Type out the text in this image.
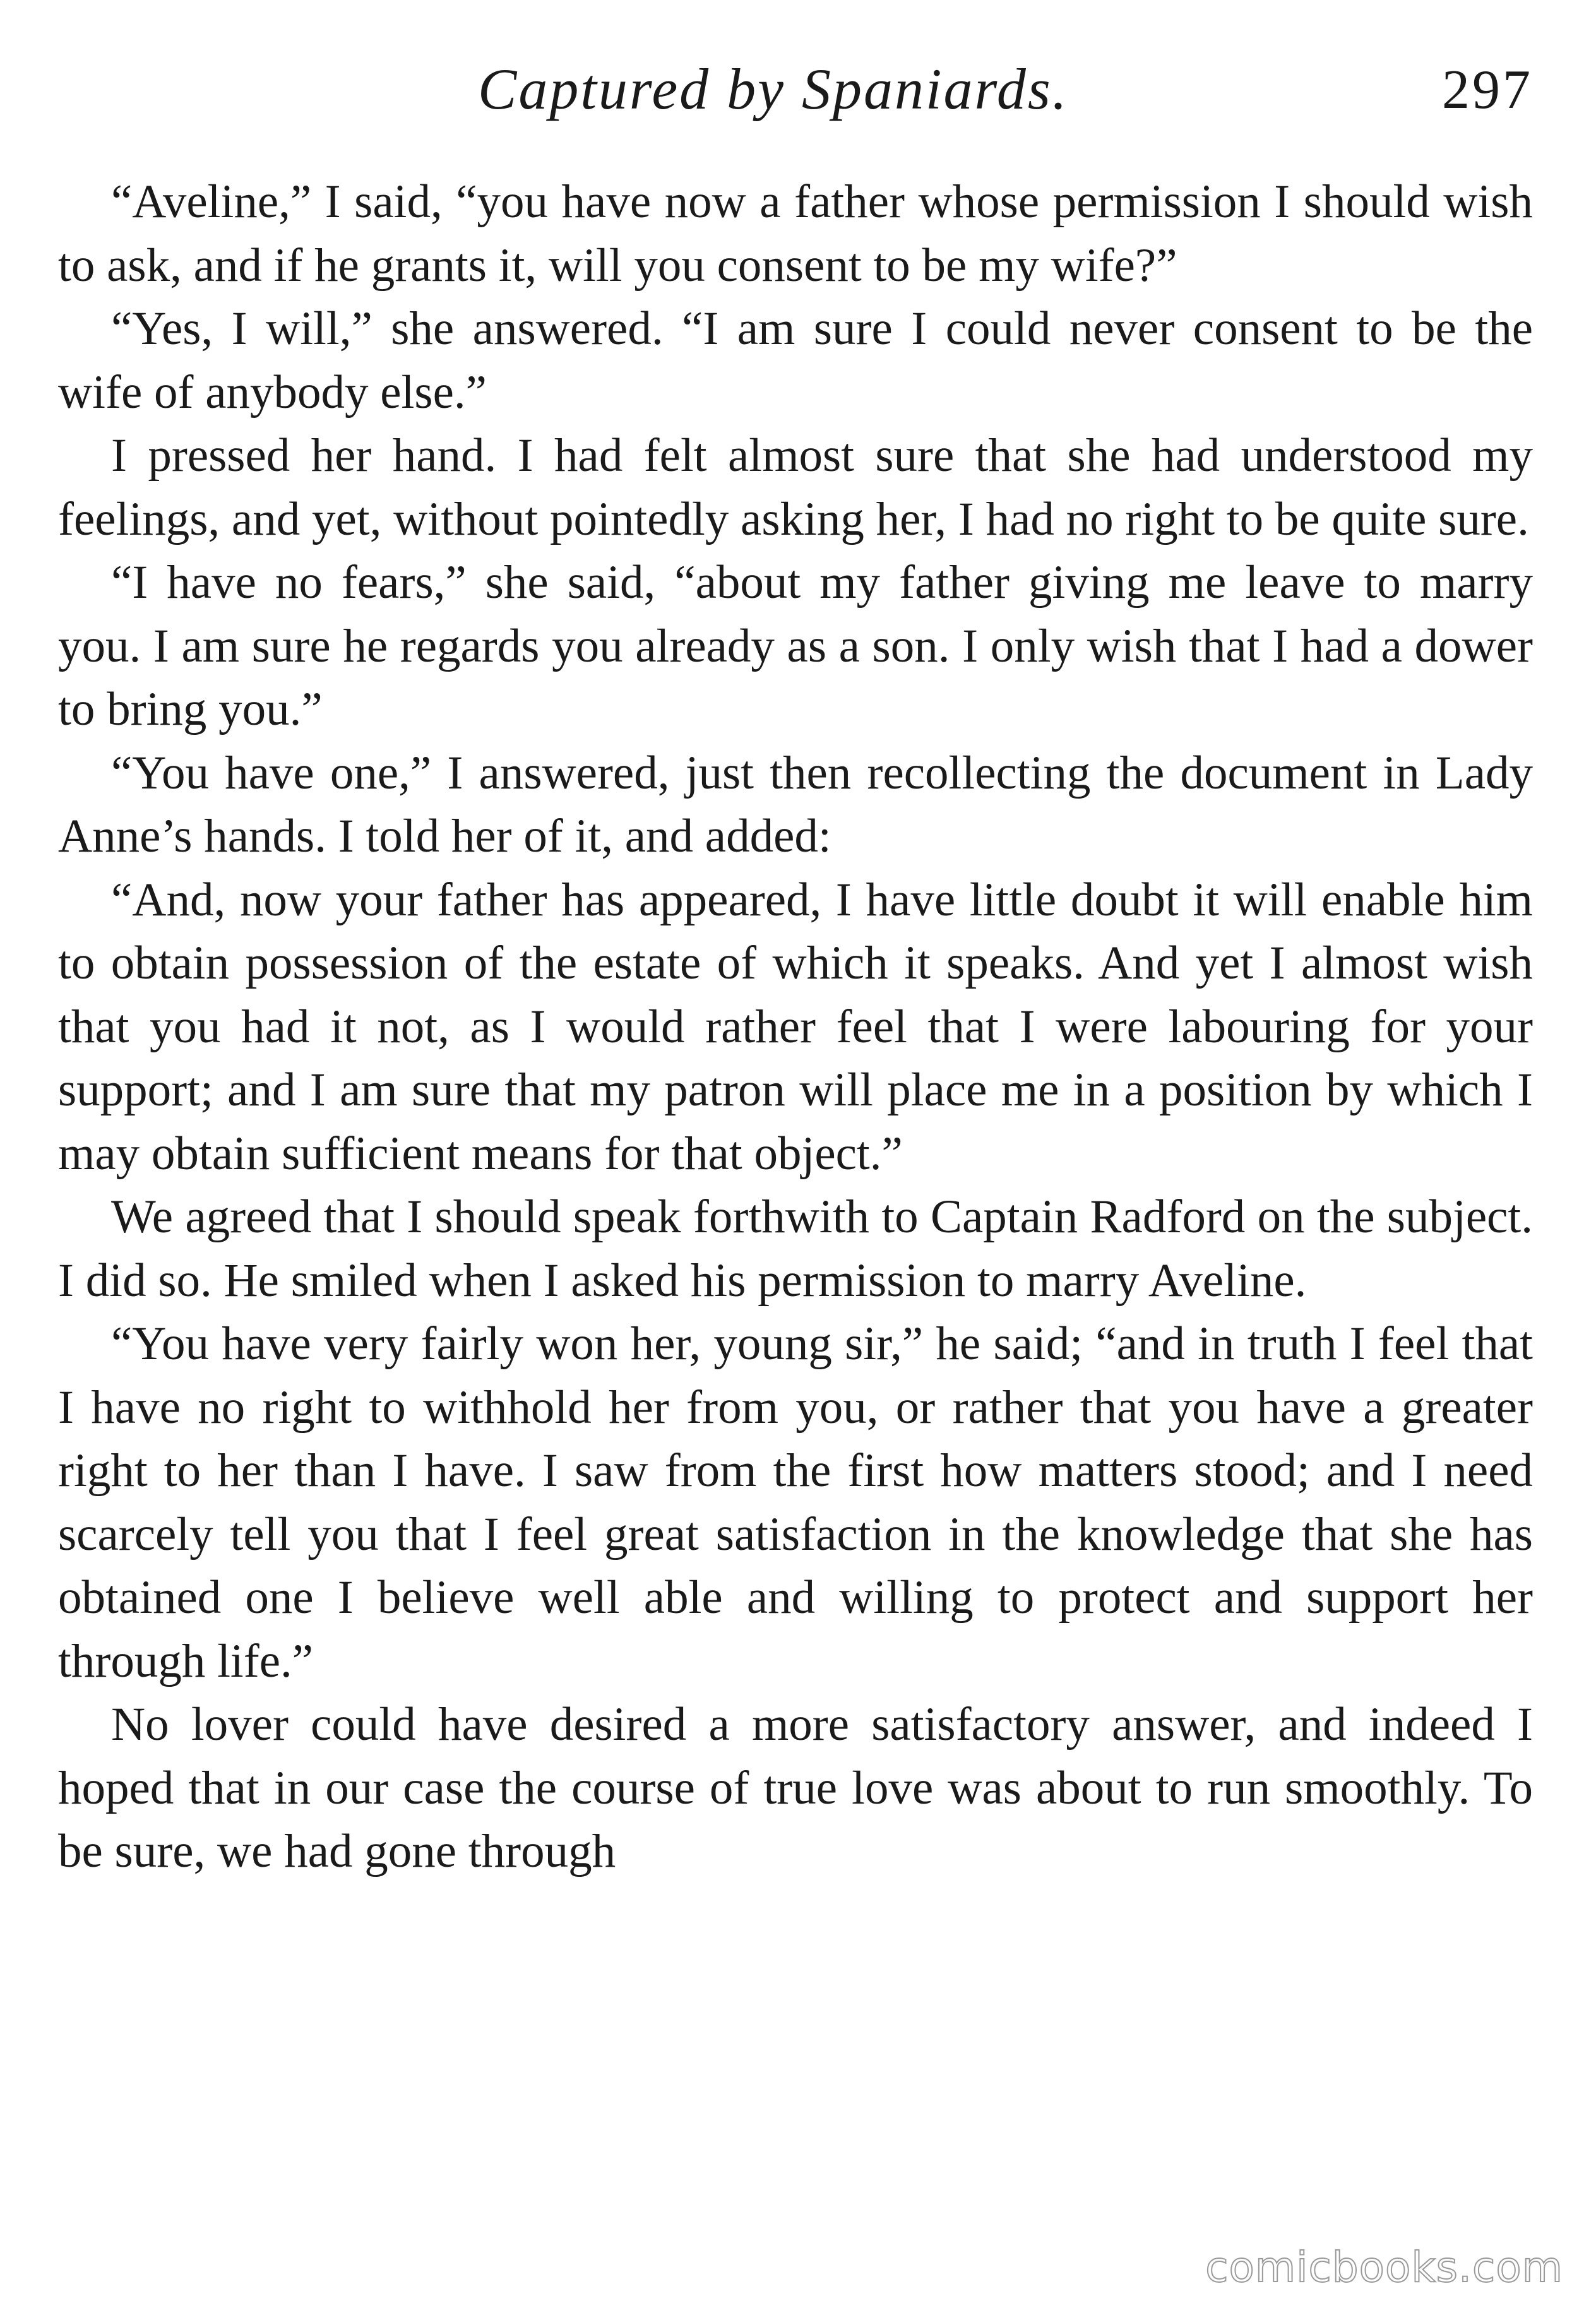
Captured by Spaniards.	297

“Aveline,” I said, “you have now a father whose permission I should wish to ask, and if he grants it, will you consent to be my wife?”

“Yes, I will,” she answered. “I am sure I could never consent to be the wife of anybody else.”

I pressed her hand. I had felt almost sure that she had understood my feelings, and yet, without pointedly asking her, I had no right to be quite sure.

“I have no fears,” she said, “about my father giving me leave to marry you. I am sure he regards you already as a son. I only wish that I had a dower to bring you.”

“You have one,” I answered, just then recollecting the document in Lady Anne’s hands. I told her of it, and added:

“And, now your father has appeared, I have little doubt it will enable him to obtain possession of the estate of which it speaks. And yet I almost wish that you had it not, as I would rather feel that I were labouring for your support; and I am sure that my patron will place me in a position by which I may obtain sufficient means for that object.”

We agreed that I should speak forthwith to Captain Radford on the subject. I did so. He smiled when I asked his permission to marry Aveline.

“You have very fairly won her, young sir,” he said; “and in truth I feel that I have no right to withhold her from you, or rather that you have a greater right to her than I have. I saw from the first how matters stood; and I need scarcely tell you that I feel great satisfaction in the knowledge that she has obtained one I believe well able and willing to protect and support her through life.”

No lover could have desired a more satisfactory answer, and indeed I hoped that in our case the course of true love was about to run smoothly. To be sure, we had gone through

comicbooks.com
